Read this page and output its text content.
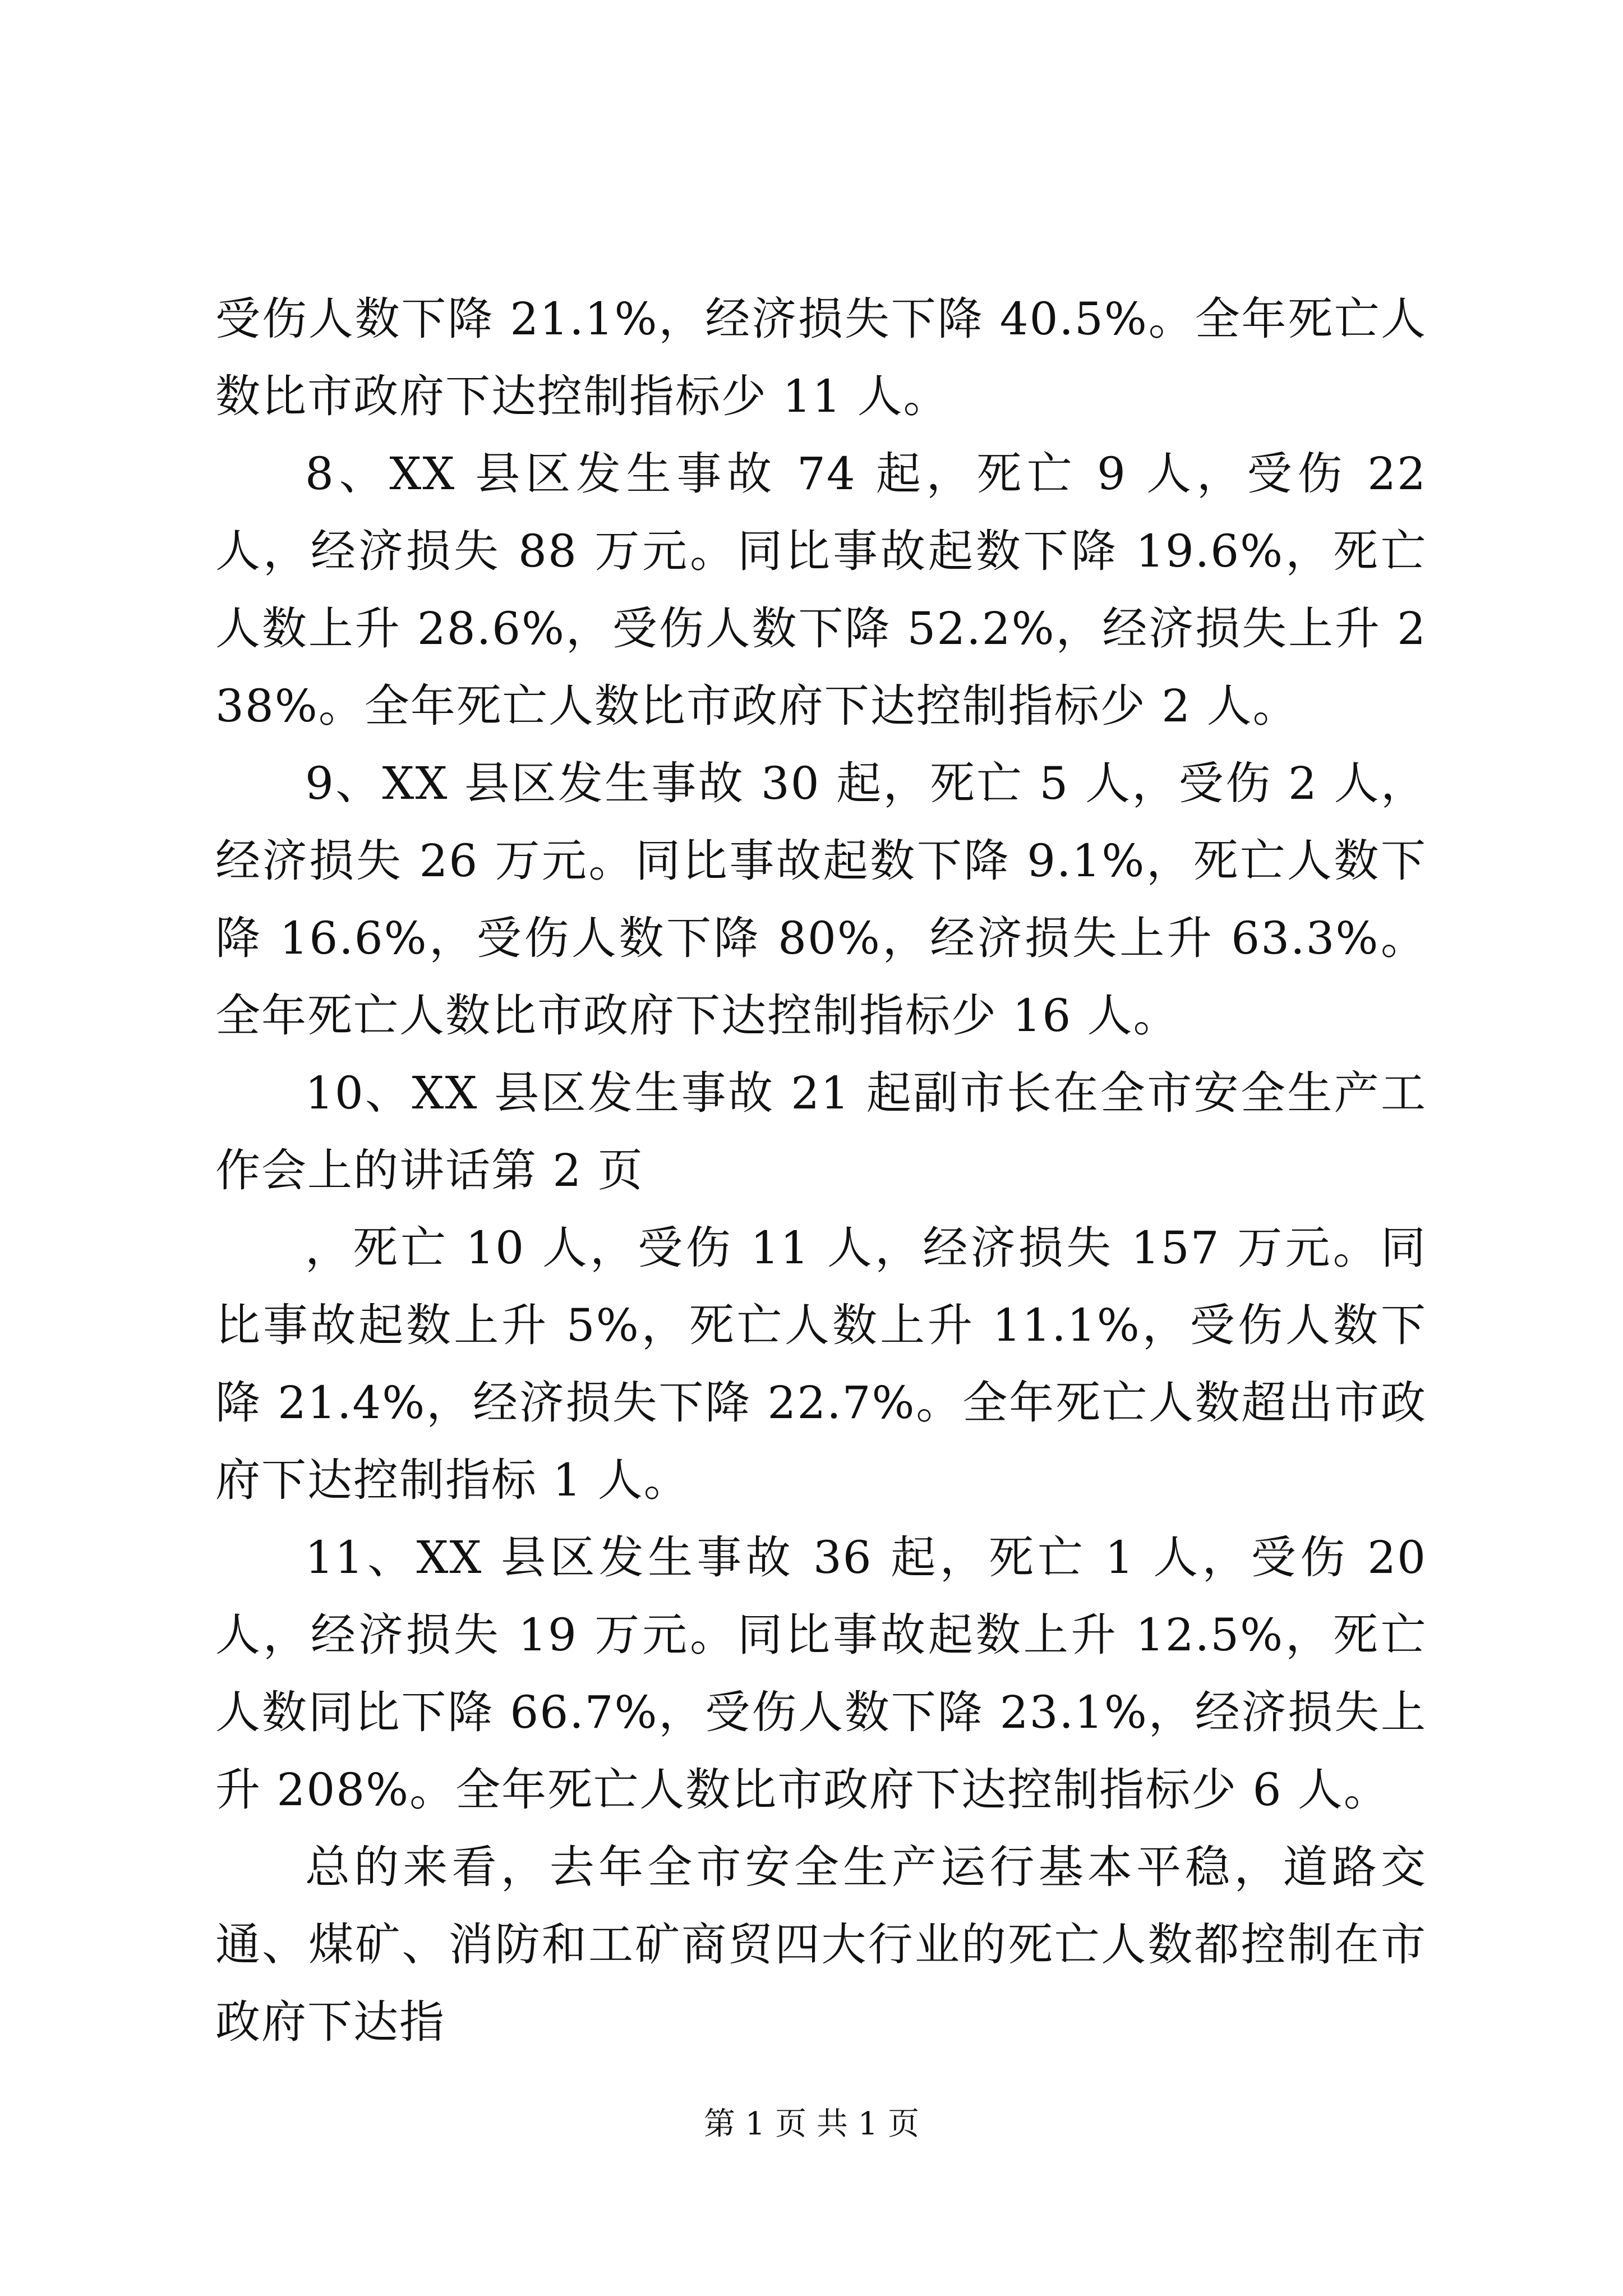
受伤人数下降 21.1%，经济损失下降 40.5%。全年死亡人数比市政府下达控制指标少 11 人。

8、XX 县区发生事故 74 起，死亡 9 人，受伤 22 人，经济损失 88 万元。同比事故起数下降 19.6%，死亡人数上升 28.6%，受伤人数下降 52.2%，经济损失上升 238%。全年死亡人数比市政府下达控制指标少 2 人。

9、XX 县区发生事故 30 起，死亡 5 人，受伤 2 人，经济损失 26 万元。同比事故起数下降 9.1%，死亡人数下降 16.6%，受伤人数下降 80%，经济损失上升 63.3%。全年死亡人数比市政府下达控制指标少 16 人。

10、XX 县区发生事故 21 起副市长在全市安全生产工作会上的讲话第 2 页

，死亡 10 人，受伤 11 人，经济损失 157 万元。同比事故起数上升 5%，死亡人数上升 11.1%，受伤人数下降 21.4%，经济损失下降 22.7%。全年死亡人数超出市政府下达控制指标 1 人。

11、XX 县区发生事故 36 起，死亡 1 人，受伤 20 人，经济损失 19 万元。同比事故起数上升 12.5%，死亡人数同比下降 66.7%，受伤人数下降 23.1%，经济损失上升 208%。全年死亡人数比市政府下达控制指标少 6 人。

总的来看，去年全市安全生产运行基本平稳，道路交通、煤矿、消防和工矿商贸四大行业的死亡人数都控制在市政府下达指

第 1 页 共 1 页
